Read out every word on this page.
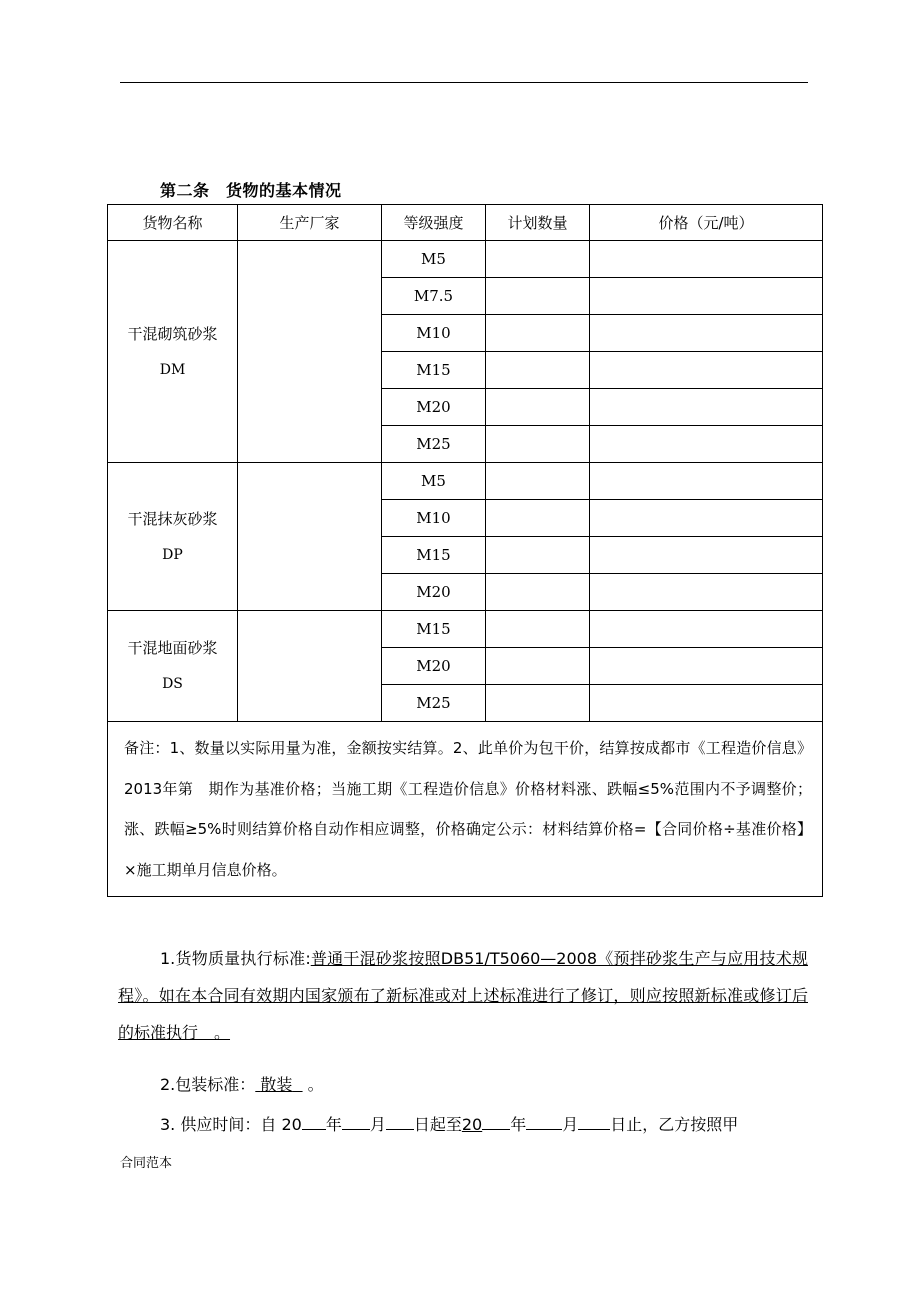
第二条　货物的基本情况
货物名称	生产厂家	等级强度	计划数量	价格（元/吨）

干混砌筑砂浆
DM		M5		
		M7.5		
		M10		
		M15		
		M20		
		M25		

干混抹灰砂浆
DP		M5		
		M10		
		M15		
		M20		

干混地面砂浆
DS		M15		
		M20		
		M25		
备注：1、数量以实际用量为准，金额按实结算。2、此单价为包干价，结算按成都市《工程造价信息》2013年第　期作为基准价格；当施工期《工程造价信息》价格材料涨、跌幅≤5%范围内不予调整价；涨、跌幅≥5%时则结算价格自动作相应调整，价格确定公示：材料结算价格=【合同价格÷基准价格】×施工期单月信息价格。				
1.货物质量执行标准:普通干混砂浆按照DB51/T5060—2008《预拌砂浆生产与应用技术规程》。如在本合同有效期内国家颁布了新标准或对上述标准进行了修订，则应按照新标准或修订后的标准执行　。
2.包装标准： 散装 。
3. 供应时间：自 20 年 月 日起至20 年 月 日止，乙方按照甲
合同范本
